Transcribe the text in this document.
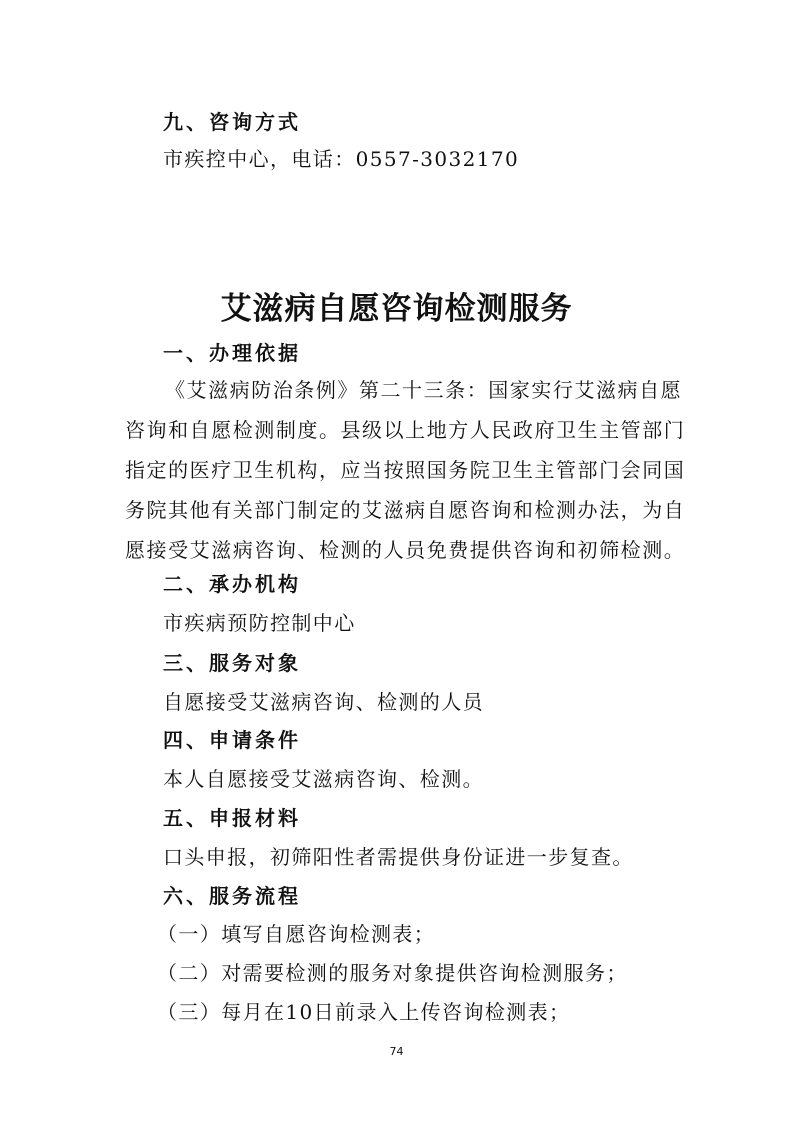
九、咨询方式
市疾控中心，电话：0557-3032170
艾滋病自愿咨询检测服务
一、办理依据
《艾滋病防治条例》第二十三条：国家实行艾滋病自愿
咨询和自愿检测制度。县级以上地方人民政府卫生主管部门
指定的医疗卫生机构，应当按照国务院卫生主管部门会同国
务院其他有关部门制定的艾滋病自愿咨询和检测办法，为自
愿接受艾滋病咨询、检测的人员免费提供咨询和初筛检测。
二、承办机构
市疾病预防控制中心
三、服务对象
自愿接受艾滋病咨询、检测的人员
四、申请条件
本人自愿接受艾滋病咨询、检测。
五、申报材料
口头申报，初筛阳性者需提供身份证进一步复查。
六、服务流程
（一）填写自愿咨询检测表；
（二）对需要检测的服务对象提供咨询检测服务；
（三）每月在10日前录入上传咨询检测表；
74
